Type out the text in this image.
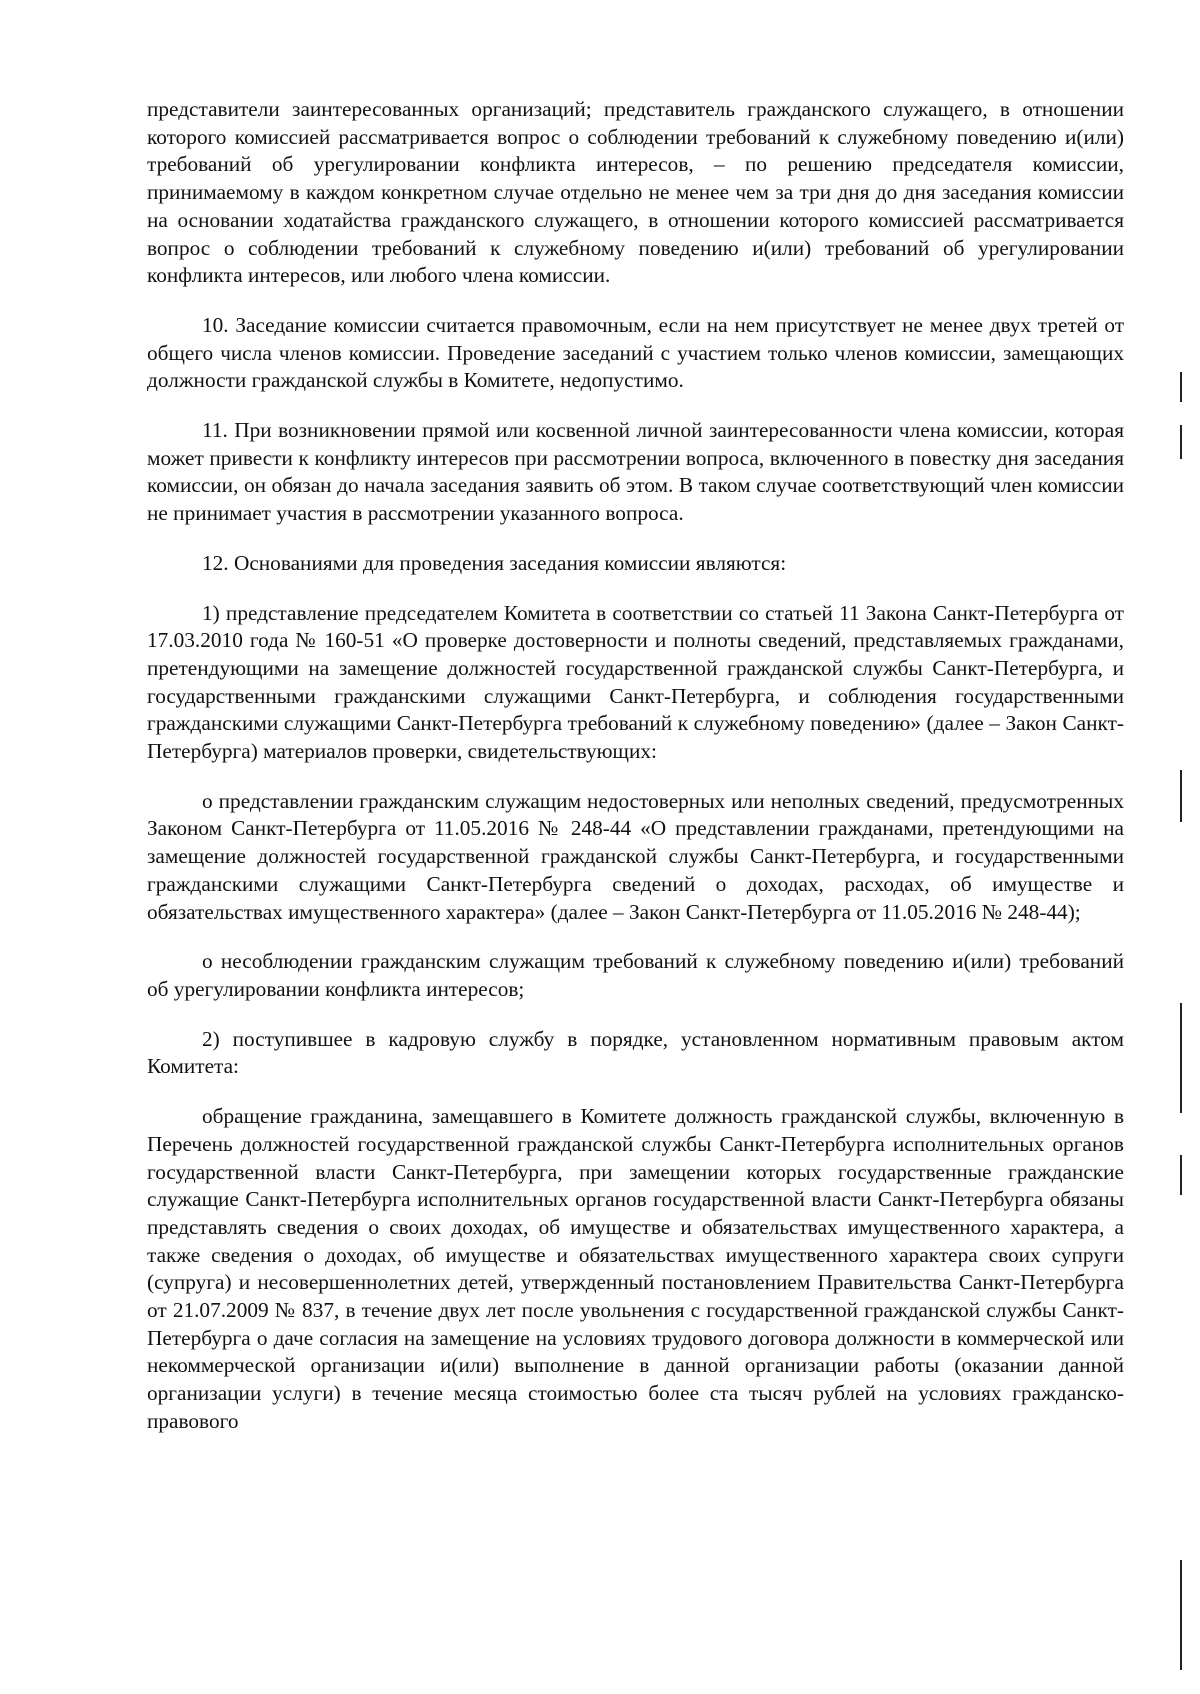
представители заинтересованных организаций; представитель гражданского служащего, в отношении которого комиссией рассматривается вопрос о соблюдении требований к служебному поведению и(или) требований об урегулировании конфликта интересов, – по решению председателя комиссии, принимаемому в каждом конкретном случае отдельно не менее чем за три дня до дня заседания комиссии на основании ходатайства гражданского служащего, в отношении которого комиссией рассматривается вопрос о соблюдении требований к служебному поведению и(или) требований об урегулировании конфликта интересов, или любого члена комиссии.

10. Заседание комиссии считается правомочным, если на нем присутствует не менее двух третей от общего числа членов комиссии. Проведение заседаний с участием только членов комиссии, замещающих должности гражданской службы в Комитете, недопустимо.

11. При возникновении прямой или косвенной личной заинтересованности члена комиссии, которая может привести к конфликту интересов при рассмотрении вопроса, включенного в повестку дня заседания комиссии, он обязан до начала заседания заявить об этом. В таком случае соответствующий член комиссии не принимает участия в рассмотрении указанного вопроса.

12. Основаниями для проведения заседания комиссии являются:

1) представление председателем Комитета в соответствии со статьей 11 Закона Санкт-Петербурга от 17.03.2010 года № 160-51 «О проверке достоверности и полноты сведений, представляемых гражданами, претендующими на замещение должностей государственной гражданской службы Санкт-Петербурга, и государственными гражданскими служащими Санкт-Петербурга, и соблюдения государственными гражданскими служащими Санкт-Петербурга требований к служебному поведению» (далее – Закон Санкт-Петербурга) материалов проверки, свидетельствующих:

о представлении гражданским служащим недостоверных или неполных сведений, предусмотренных Законом Санкт-Петербурга от 11.05.2016 № 248-44 «О представлении гражданами, претендующими на замещение должностей государственной гражданской службы Санкт-Петербурга, и государственными гражданскими служащими Санкт-Петербурга сведений о доходах, расходах, об имуществе и обязательствах имущественного характера» (далее – Закон Санкт-Петербурга от 11.05.2016 № 248-44);

о несоблюдении гражданским служащим требований к служебному поведению и(или) требований об урегулировании конфликта интересов;

2) поступившее в кадровую службу в порядке, установленном нормативным правовым актом Комитета:

обращение гражданина, замещавшего в Комитете должность гражданской службы, включенную в Перечень должностей государственной гражданской службы Санкт-Петербурга исполнительных органов государственной власти Санкт-Петербурга, при замещении которых государственные гражданские служащие Санкт-Петербурга исполнительных органов государственной власти Санкт-Петербурга обязаны представлять сведения о своих доходах, об имуществе и обязательствах имущественного характера, а также сведения о доходах, об имуществе и обязательствах имущественного характера своих супруги (супруга) и несовершеннолетних детей, утвержденный постановлением Правительства Санкт-Петербурга от 21.07.2009 № 837, в течение двух лет после увольнения с государственной гражданской службы Санкт-Петербурга о даче согласия на замещение на условиях трудового договора должности в коммерческой или некоммерческой организации и(или) выполнение в данной организации работы (оказании данной организации услуги) в течение месяца стоимостью более ста тысяч рублей на условиях гражданско-правового
